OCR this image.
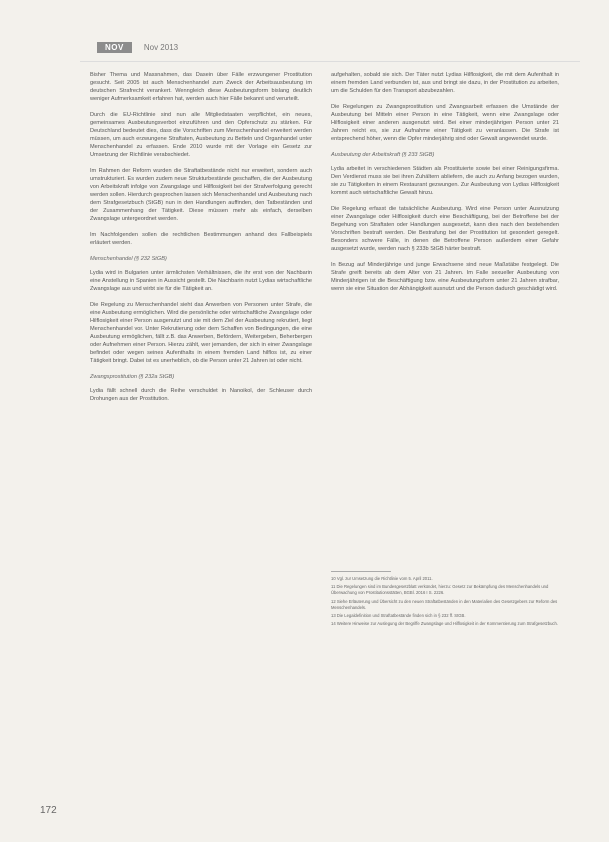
NOV	Nov 2013

Bisher Thema und Massnahmen, das Dasein über Fälle erzwungener Prostitution gesucht. Seit 2005 ist auch Menschenhandel zum Zweck der Arbeitsausbeutung im deutschen Strafrecht verankert. Wenngleich diese Ausbeutungsform bislang deutlich weniger Aufmerksamkeit erfahren hat, werden auch hier Fälle bekannt und verurteilt.

Durch die EU-Richtlinie sind nun alle Mitgliedstaaten verpflichtet, ein neues, gemeinsames Ausbeutungsverbot einzuführen und den Opferschutz zu stärken. Für Deutschland bedeutet dies, dass die Vorschriften zum Menschenhandel erweitert werden müssen, um auch erzwungene Straftaten, Ausbeutung zu Betteln und Organhandel unter Menschenhandel zu erfassen. Ende 2010 wurde mit der Vorlage ein Gesetz zur Umsetzung der Richtlinie verabschiedet.

Im Rahmen der Reform wurden die Straftatbestände nicht nur erweitert, sondern auch umstrukturiert. Es wurden zudem neue Strukturbestände geschaffen, die der Ausbeutung von Arbeitskraft infolge von Zwangslage und Hilflosigkeit bei der Strafverfolgung gerecht werden sollen. Hierdurch gesprochen lassen sich Menschenhandel und Ausbeutung nach dem Strafgesetzbuch (StGB) nun in den Handlungen auffinden, den Tatbeständen und der Zusammenhang der Tätigkeit. Diese müssen mehr als einfach, derselben Zwangslage untergeordnet werden.

Im Nachfolgenden sollen die rechtlichen Bestimmungen anhand des Fallbeispiels erläutert werden.

Menschenhandel (§ 232 StGB)

Lydia wird in Bulgarien unter ärmlichsten Verhältnissen, die ihr erst von der Nachbarin eine Anstellung in Spanien in Aussicht gestellt. Die Nachbarin nutzt Lydias wirtschaftliche Zwangslage aus und wirbt sie für die Tätigkeit an.

Die Regelung zu Menschenhandel sieht das Anwerben von Personen unter Strafe, die eine Ausbeutung ermöglichen. Wird die persönliche oder wirtschaftliche Zwangslage oder Hilflosigkeit einer Person ausgenutzt und sie mit dem Ziel der Ausbeutung rekrutiert, liegt Menschenhandel vor. Unter Rekrutierung oder dem Schaffen von Bedingungen, die eine Ausbeutung ermöglichen, fällt z.B. das Anwerben, Befördern, Weitergeben, Beherbergen oder Aufnehmen einer Person. Hierzu zählt, wer jemanden, der sich in einer Zwangslage befindet oder wegen seines Aufenthalts in einem fremden Land hilflos ist, zu einer Tätigkeit bringt. Dabei ist es unerheblich, ob die Person unter 21 Jahren ist oder nicht.

Zwangsprostitution (§ 232a StGB)

Lydia fällt schnell durch die Reihe verschuldet in Nanoikol, der Schleuser durch Drohungen aus der Prostitution.

aufgehalten, sobald sie sich. Der Täter nutzt Lydias Hilflosigkeit, die mit dem Aufenthalt in einem fremden Land verbunden ist, aus und bringt sie dazu, in der Prostitution zu arbeiten, um die Schulden für den Transport abzubezahlen.

Die Regelungen zu Zwangsprostitution und Zwangsarbeit erfassen die Umstände der Ausbeutung bei Mitteln einer Person in eine Tätigkeit, wenn eine Zwangslage oder Hilflosigkeit einer anderen ausgenutzt wird. Bei einer minderjährigen Person unter 21 Jahren reicht es, sie zur Aufnahme einer Tätigkeit zu veranlassen. Die Strafe ist entsprechend höher, wenn die Opfer minderjährig sind oder Gewalt angewendet wurde.

Ausbeutung der Arbeitskraft (§ 233 StGB)

Lydia arbeitet in verschiedenen Städten als Prostituierte sowie bei einer Reinigungsfirma. Den Verdienst muss sie bei ihren Zuhältern abliefern, die auch zu Anfang bezogen wurden, sie zu Tätigkeiten in einem Restaurant gezwungen. Zur Ausbeutung von Lydias Hilflosigkeit kommt auch wirtschaftliche Gewalt hinzu.

Die Regelung erfasst die tatsächliche Ausbeutung. Wird eine Person unter Ausnutzung einer Zwangslage oder Hilflosigkeit durch eine Beschäftigung, bei der Betroffene bei der Begehung von Straftaten oder Handlungen ausgesetzt, kann dies nach den bestehenden Vorschriften bestraft werden. Die Bestrafung bei der Prostitution ist gesondert geregelt. Besonders schwere Fälle, in denen die Betroffene Person außerdem einer Gefahr ausgesetzt wurde, werden nach § 233b StGB härter bestraft.

In Bezug auf Minderjährige und junge Erwachsene sind neue Maßstäbe festgelegt. Die Strafe greift bereits ab dem Alter von 21 Jahren. Im Falle sexueller Ausbeutung von Minderjährigen ist die Beschäftigung bzw. eine Ausbeutungsform unter 21 Jahren strafbar, wenn sie eine Situation der Abhängigkeit ausnutzt und die Person dadurch geschädigt wird.

10 Vgl. zur Umsetzung die Richtlinie vom 5. April 2011.
11 Die Regelungen sind im Bundesgesetzblatt verkündet, hierzu: Gesetz zur Bekämpfung des Menschenhandels und Überwachung von Prostitutionsstätten, BGBl. 2016 I S. 2226.
12 Siehe Erläuterung und Übersicht zu den neuen Straftatbeständen in den Materialien des Gesetzgebers zur Reform des Menschenhandels.
13 Die Legaldefinition und Straftatbestände finden sich in § 232 ff. StGB.
14 Weitere Hinweise zur Auslegung der Begriffe Zwangslage und Hilflosigkeit in der Kommentierung zum Strafgesetzbuch.
172
